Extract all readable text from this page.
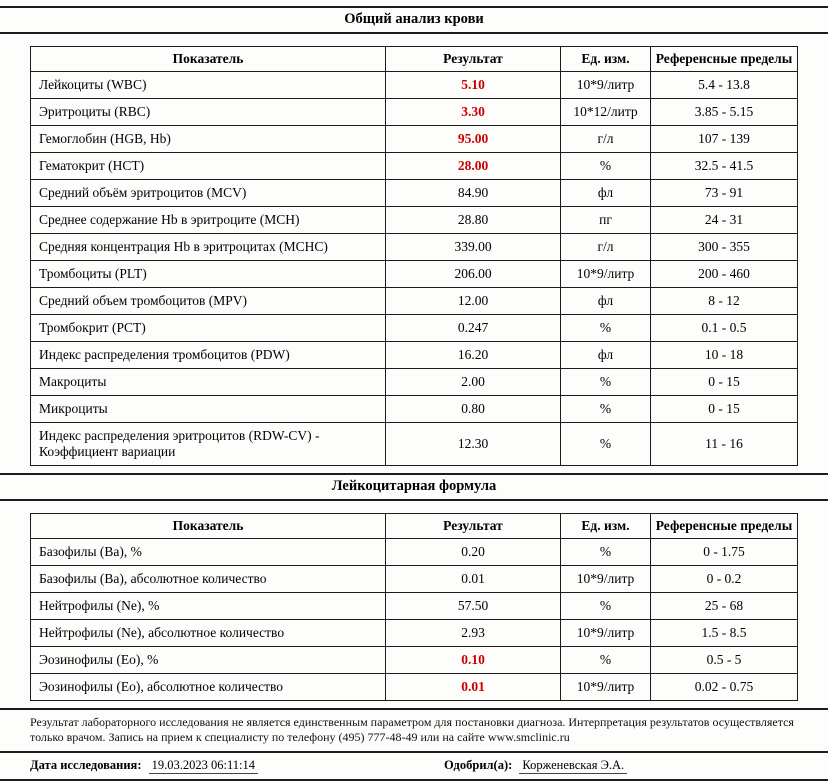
Общий анализ крови
Показатель	Результат	Ед. изм.	Референсные пределы
Лейкоциты (WBC)	5.10	10*9/литр	5.4 - 13.8
Эритроциты (RBC)	3.30	10*12/литр	3.85 - 5.15
Гемоглобин (HGB, Hb)	95.00	г/л	107 - 139
Гематокрит (HCT)	28.00	%	32.5 - 41.5
Средний объём эритроцитов (MCV)	84.90	фл	73 - 91
Среднее содержание Hb в эритроците (MCH)	28.80	пг	24 - 31
Средняя концентрация Hb в эритроцитах (MCHC)	339.00	г/л	300 - 355
Тромбоциты (PLT)	206.00	10*9/литр	200 - 460
Средний объем тромбоцитов (MPV)	12.00	фл	8 - 12
Тромбокрит (PCT)	0.247	%	0.1 - 0.5
Индекс распределения тромбоцитов (PDW)	16.20	фл	10 - 18
Макроциты	2.00	%	0 - 15
Микроциты	0.80	%	0 - 15
Индекс распределения эритроцитов (RDW-CV) - Коэффициент вариации	12.30	%	11 - 16
Лейкоцитарная формула
Показатель	Результат	Ед. изм.	Референсные пределы
Базофилы (Ba), %	0.20	%	0 - 1.75
Базофилы (Ba), абсолютное количество	0.01	10*9/литр	0 - 0.2
Нейтрофилы (Ne), %	57.50	%	25 - 68
Нейтрофилы (Ne), абсолютное количество	2.93	10*9/литр	1.5 - 8.5
Эозинофилы (Eo), %	0.10	%	0.5 - 5
Эозинофилы (Eo), абсолютное количество	0.01	10*9/литр	0.02 - 0.75
Результат лабораторного исследования не является единственным параметром для постановки диагноза. Интерпретация результатов осуществляется только врачом. Запись на прием к специалисту по телефону (495) 777-48-49 или на сайте www.smclinic.ru
Дата исследования: 19.03.2023 06:11:14	Одобрил(а): Корженевская Э.А.
